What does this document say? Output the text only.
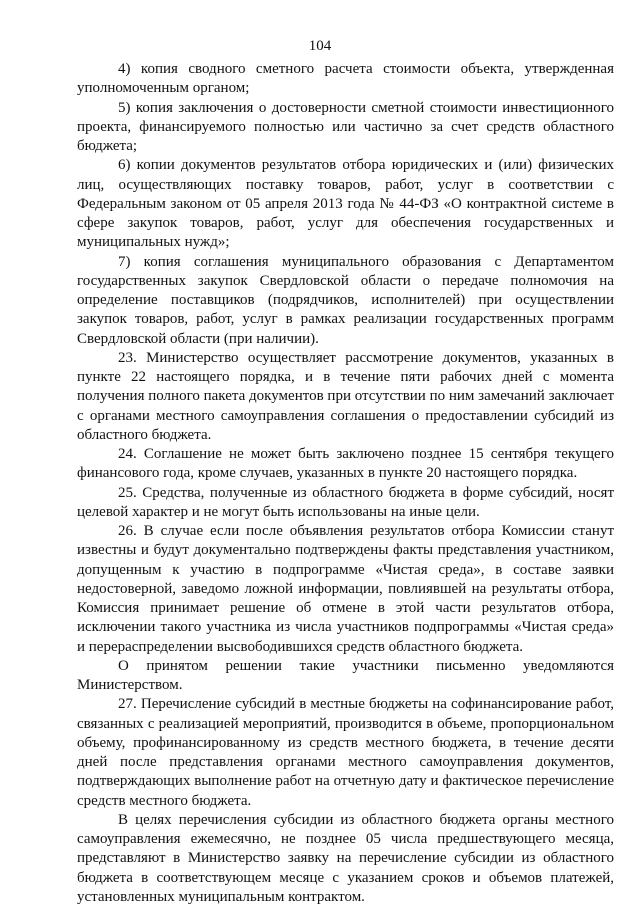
104

4) копия сводного сметного расчета стоимости объекта, утвержденная уполномоченным органом;

5) копия заключения о достоверности сметной стоимости инвестиционного проекта, финансируемого полностью или частично за счет средств областного бюджета;

6) копии документов результатов отбора юридических и (или) физических лиц, осуществляющих поставку товаров, работ, услуг в соответствии с Федеральным законом от 05 апреля 2013 года № 44-ФЗ «О контрактной системе в сфере закупок товаров, работ, услуг для обеспечения государственных и муниципальных нужд»;

7) копия соглашения муниципального образования с Департаментом государственных закупок Свердловской области о передаче полномочия на определение поставщиков (подрядчиков, исполнителей) при осуществлении закупок товаров, работ, услуг в рамках реализации государственных программ Свердловской области (при наличии).

23. Министерство осуществляет рассмотрение документов, указанных в пункте 22 настоящего порядка, и в течение пяти рабочих дней с момента получения полного пакета документов при отсутствии по ним замечаний заключает с органами местного самоуправления соглашения о предоставлении субсидий из областного бюджета.

24. Соглашение не может быть заключено позднее 15 сентября текущего финансового года, кроме случаев, указанных в пункте 20 настоящего порядка.

25. Средства, полученные из областного бюджета в форме субсидий, носят целевой характер и не могут быть использованы на иные цели.

26. В случае если после объявления результатов отбора Комиссии станут известны и будут документально подтверждены факты представления участником, допущенным к участию в подпрограмме «Чистая среда», в составе заявки недостоверной, заведомо ложной информации, повлиявшей на результаты отбора, Комиссия принимает решение об отмене в этой части результатов отбора, исключении такого участника из числа участников подпрограммы «Чистая среда» и перераспределении высвободившихся средств областного бюджета.

О принятом решении такие участники письменно уведомляются Министерством.

27. Перечисление субсидий в местные бюджеты на софинансирование работ, связанных с реализацией мероприятий, производится в объеме, пропорциональном объему, профинансированному из средств местного бюджета, в течение десяти дней после представления органами местного самоуправления документов, подтверждающих выполнение работ на отчетную дату и фактическое перечисление средств местного бюджета.

В целях перечисления субсидии из областного бюджета органы местного самоуправления ежемесячно, не позднее 05 числа предшествующего месяца, представляют в Министерство заявку на перечисление субсидии из областного бюджета в соответствующем месяце с указанием сроков и объемов платежей, установленных муниципальным контрактом.
